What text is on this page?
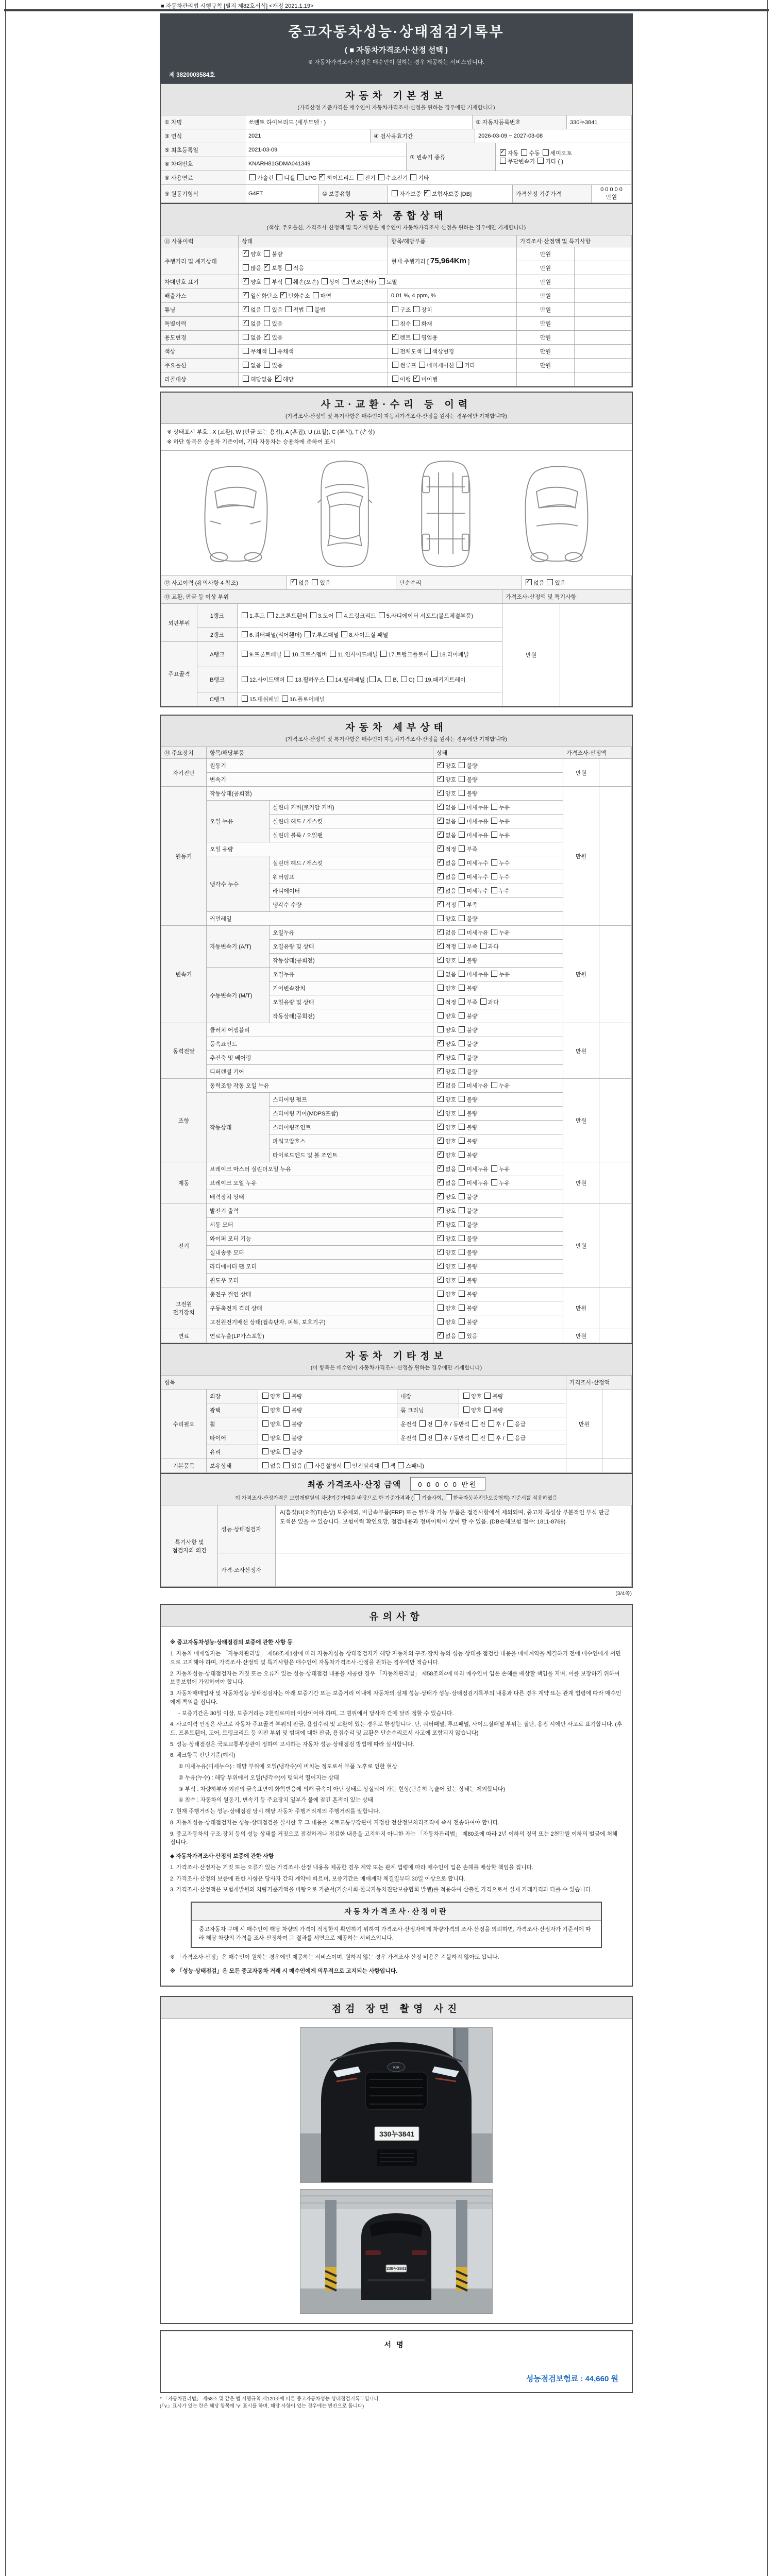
■ 자동차관리법 시행규칙 [별지 제82호서식] <개정 2021.1.19>
중고자동차성능·상태점검기록부
( ■ 자동차가격조사·산정 선택 )
※ 자동차가격조사·산정은 매수인이 원하는 경우 제공하는 서비스입니다.
제 3820003584호
자동차 기본정보
(가격산정 기준가격은 매수인이 자동차가격조사·산정을 원하는 경우에만 기재합니다)
① 차명	쏘렌토 하이브리드 (세부모델 : )	② 자동차등록번호	330누3841
③ 연식	2021	④ 검사유효기간	2026-03-09 ~ 2027-03-08
⑤ 최초등록일	2021-03-09	⑦ 변속기 종류	
✓자동 수동 세미오토
무단변속기 기타 ( )

⑥ 차대번호	KNARH81GDMA041349		
⑧ 사용연료	가솔린 디젤 LPG ✓하이브리드 전기 수소전기 기타
⑨ 원동기형식	G4FT	⑩ 보증유형	자가보증 ✓보험사보증 [DB]	가격산정 기준가격	0 0 0 0 0 만원
자동차 종합상태
(색상, 주요옵션, 가격조사·산정액 및 특기사항은 매수인이 자동차가격조사·산정을 원하는 경우에만 기재합니다)
⑪ 사용이력	상태	항목/해당부품	가격조사·산정액 및 특기사항	
주행거리 및 계기상태	✓양호 불량	현재 주행거리 [ 75,964Km ]	만원	
	많음 ✓보통 적음		만원	
차대번호 표기	✓양호 부식 훼손(오손) 상이 변조(변타) 도말		만원	
배출가스	✓일산화탄소 ✓탄화수소 매연	0.01 %, 4 ppm, %	만원	
튜닝	✓없음 있음 적법 불법	구조 장치	만원	
특별이력	✓없음 있음	침수 화재	만원	
용도변경	없음 ✓있음	✓렌트 영업용	만원	
색상	무채색 유채색	전체도색 색상변경	만원	
주요옵션	없음 있음	썬루프 네비게이션 기타	만원	
리콜대상	해당없음 ✓해당	이행 ✓미이행		
사고·교환·수리 등 이력
(가격조사·산정액 및 특기사항은 매수인이 자동차가격조사·산정을 원하는 경우에만 기재합니다)
※ 상태표시 부호 : X (교환), W (판금 또는 용접), A (흠집), U (요철), C (부식), T (손상)
※ 하단 항목은 승용차 기준이며, 기타 자동차는 승용차에 준하여 표시
⑫ 사고이력 (유의사항 4 참조)	✓없음 있음	단순수리	✓없음 있음
⑬ 교환, 판금 등 이상 부위			가격조사·산정액 및 특기사항	
외판부위	1랭크	1.후드 2.프론트휀더 3.도어 4.트렁크리드 5.라디에이터 서포트(볼트체결부품)	만원	
	2랭크	6.쿼터패널(리어휀더) 7.루프패널 8.사이드실 패널		
주요골격	A랭크	9.프론트패널 10.크로스멤버 11.인사이드패널 17.트렁크플로어 18.리어패널		
	B랭크	12.사이드멤버 13.휠하우스 14.필러패널 ( A, B, C) 19.패키지트레이		
	C랭크	15.대쉬패널 16.플로어패널		
자동차 세부상태
(가격조사·산정액 및 특기사항은 매수인이 자동차가격조사·산정을 원하는 경우에만 기재합니다)
⑭ 주요장치	항목/해당부품		상태	가격조사·산정액	
자기진단	원동기	✓양호 불량	만원	
	변속기	✓양호 불량
원동기	작동상태(공회전)	✓양호 불량	만원	
	오일 누유	실린더 커버(로커암 커버)	✓없음 미세누유 누유
		실린더 헤드 / 개스킷	✓없음 미세누유 누유
		실린더 블록 / 오일팬	✓없음 미세누유 누유
	오일 유량	✓적정 부족
	냉각수 누수	실린더 헤드 / 개스킷	✓없음 미세누수 누수
		워터펌프	✓없음 미세누수 누수
		라디에이터	✓없음 미세누수 누수
		냉각수 수량	✓적정 부족
	커먼레일		양호 불량		
변속기	자동변속기 (A/T)	오일누유	✓없음 미세누유 누유	만원	
		오일유량 및 상태	✓적정 부족 과다
		작동상태(공회전)	✓양호 불량
	수동변속기 (M/T)	오일누유	없음 미세누유 누유		
		기어변속장치	양호 불량		
		오일유량 및 상태	적정 부족 과다		
		작동상태(공회전)	양호 불량		
동력전달	클러치 어셈블리		양호 불량	만원	
	등속죠인트	✓양호 불량
	추진축 및 베어링	✓양호 불량
	디퍼렌셜 기어	✓양호 불량
조향	동력조향 작동 오일 누유	✓없음 미세누유 누유	만원	
	작동상태	스티어링 펌프	✓양호 불량
		스티어링 기어(MDPS포함)	✓양호 불량
		스티어링조인트	✓양호 불량
		파워고압호스	✓양호 불량
		타이로드엔드 및 볼 조인트	✓양호 불량
제동	브레이크 마스터 실린더오일 누유	✓없음 미세누유 누유	만원	
	브레이크 오일 누유	✓없음 미세누유 누유
	배력장치 상태	✓양호 불량
전기	발전기 출력	✓양호 불량	만원	
	시동 모터	✓양호 불량
	와이퍼 모터 기능	✓양호 불량
	실내송풍 모터	✓양호 불량
	라디에이터 팬 모터	✓양호 불량
	윈도우 모터	✓양호 불량
고전원 전기장치	충전구 절연 상태		양호 불량	만원	
	구동축전지 격리 상태		양호 불량		
	고전원전기배선 상태(접속단자, 피복, 보호기구)		양호 불량		
연료	연료누출(LP가스포함)	✓없음 있음	만원	
자동차 기타정보
(이 항목은 매수인이 자동차가격조사·산정을 원하는 경우에만 기재합니다)
항목					가격조사·산정액	
수리필요	외장	양호 불량	내장	양호 불량	만원	
	광택	양호 불량	룸 크리닝	양호 불량		
	휠	양호 불량	운전석 전 후 / 동반석 전 후 / 응급			
	타이어	양호 불량	운전석 전 후 / 동반석 전 후 / 응급			
	유리	양호 불량				
기본품목	보유상태	없음 있음 ( 사용설명서 안전삼각대 잭 스패너)				
최종 가격조사·산정 금액	0 0 0 0 0 만원
이 가격조사·산정가격은 보험개발원의 차량기준가액을 바탕으로 한 기준가격과 ( 기술사회, 한국자동차진단보증협회) 기준서를 적용하였음
특기사항 및 점검자의 의견	성능·상태점검자	A(흠집)U(요철)T(손상) 보증제외, 비금속부품(FRP) 또는 탈부착 가능 부품은 점검사항에서 제외되며, 중고차 특성상 부분적인 부식 판금 도색은 있을 수 있습니다. 보험이력 확인요망, 점검내용과 정비이력이 상이 할 수 있음. (DB손해보험 접수: 1811-8769)
	가격·조사산정자	
(3/4쪽)
유의사항

※ 중고자동차성능·상태점검의 보증에 관한 사항 등

1. 자동차 매매업자는 「자동차관리법」 제58조제1항에 따라 자동차성능·상태점검자가 해당 자동차의 구조·장치 등의 성능·상태를 점검한 내용을 매매계약을 체결하기 전에 매수인에게 서면으로 고지해야 하며, 가격조사·산정액 및 특기사항은 매수인이 자동차가격조사·산정을 원하는 경우에만 적습니다.

2. 자동차성능·상태점검자는 거짓 또는 오류가 있는 성능·상태점검 내용을 제공한 경우 「자동차관리법」 제58조의4에 따라 매수인이 입은 손해를 배상할 책임을 지며, 이를 보장하기 위하여 보증보험에 가입하여야 합니다.

3. 자동차매매업자 및 자동차성능·상태점검자는 아래 보증기간 또는 보증거리 이내에 자동차의 실제 성능·상태가 성능·상태점검기록부의 내용과 다른 경우 계약 또는 관계 법령에 따라 매수인에게 책임을 집니다.

- 보증기간은 30일 이상, 보증거리는 2천킬로미터 이상이어야 하며, 그 범위에서 당사자 간에 달리 정할 수 있습니다.

4. 사고이력 인정은 사고로 자동차 주요골격 부위의 판금, 용접수리 및 교환이 있는 경우로 한정합니다. 단, 쿼터패널, 루프패널, 사이드실패널 부위는 절단, 용접 시에만 사고로 표기합니다. (후드, 프론트휀더, 도어, 트렁크리드 등 외판 부위 및 범퍼에 대한 판금, 용접수리 및 교환은 단순수리로서 사고에 포함되지 않습니다)

5. 성능·상태점검은 국토교통부장관이 정하여 고시하는 자동차 성능·상태점검 방법에 따라 실시합니다.

6. 체크항목 판단기준(예시)

① 미세누유(미세누수) : 해당 부위에 오일(냉각수)이 비치는 정도로서 부품 노후로 인한 현상

② 누유(누수) : 해당 부위에서 오일(냉각수)이 맺혀서 떨어지는 상태

③ 부식 : 차량하부와 외판의 금속표면이 화학반응에 의해 금속이 아닌 상태로 상실되어 가는 현상(단순히 녹슬어 있는 상태는 제외합니다)

④ 침수 : 자동차의 원동기, 변속기 등 주요장치 일부가 물에 잠긴 흔적이 있는 상태

7. 현재 주행거리는 성능·상태점검 당시 해당 자동차 주행거리계의 주행거리를 말합니다.

8. 자동차성능·상태점검자는 성능·상태점검을 실시한 후 그 내용을 국토교통부장관이 지정한 전산정보처리조직에 즉시 전송하여야 합니다.

9. 중고자동차의 구조·장치 등의 성능·상태를 거짓으로 점검하거나 점검한 내용을 고지하지 아니한 자는 「자동차관리법」 제80조에 따라 2년 이하의 징역 또는 2천만원 이하의 벌금에 처해집니다.

◆ 자동차가격조사·산정의 보증에 관한 사항

1. 가격조사·산정자는 거짓 또는 오류가 있는 가격조사·산정 내용을 제공한 경우 계약 또는 관계 법령에 따라 매수인이 입은 손해를 배상할 책임을 집니다.

2. 가격조사·산정의 보증에 관한 사항은 당사자 간의 계약에 따르며, 보증기간은 매매계약 체결일부터 30일 이상으로 합니다.

3. 가격조사·산정액은 보험개발원의 차량기준가액을 바탕으로 기준서(기술사회·한국자동차진단보증협회 발행)를 적용하여 산출한 가격으로서 실제 거래가격과 다를 수 있습니다.

자동차가격조사·산정이란
중고자동차 구매 시 매수인이 해당 차량의 가격이 적정한지 확인하기 위하여 가격조사·산정자에게 차량가격의 조사·산정을 의뢰하면, 가격조사·산정자가 기준서에 따라 해당 차량의 가격을 조사·산정하여 그 결과를 서면으로 제공하는 서비스입니다.

※ 「가격조사·산정」은 매수인이 원하는 경우에만 제공하는 서비스이며, 원하지 않는 경우 가격조사·산정 비용은 지불하지 않아도 됩니다.

※ 「성능·상태점검」은 모든 중고자동차 거래 시 매수인에게 의무적으로 고지되는 사항입니다.

점검 장면 촬영 사진
KIA
330누3841
330누3841
서명
성능점검보험료 : 44,660 원
* 「자동차관리법」 제58조 및 같은 법 시행규칙 제120조에 따른 중고자동차성능·상태점검기록부입니다.
(『∨』표시가 있는 란은 해당 항목에 '∨' 표시를 하며, 해당 사항이 없는 경우에는 빈칸으로 둡니다)
